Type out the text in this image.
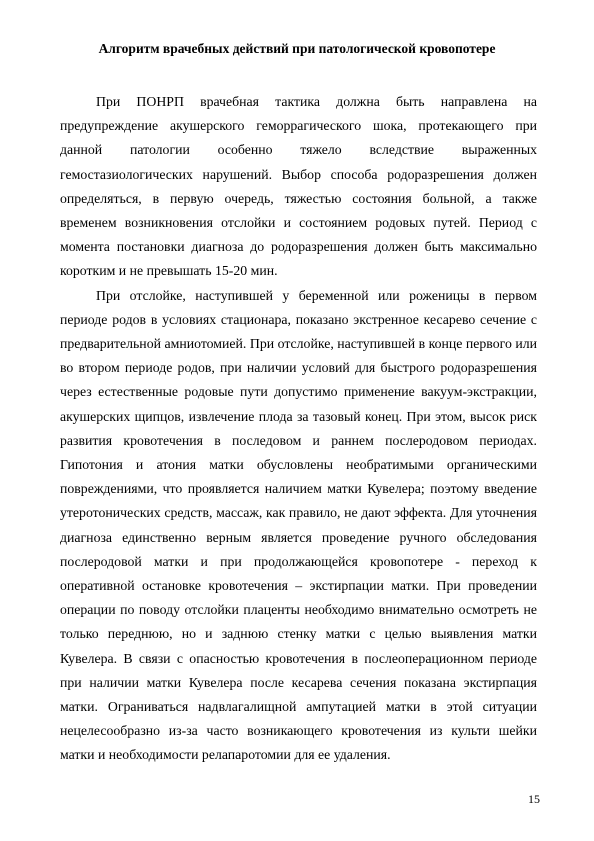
Алгоритм врачебных действий при патологической кровопотере

При ПОНРП врачебная тактика должна быть направлена на предупреждение акушерского геморрагического шока, протекающего при данной патологии особенно тяжело вследствие выраженных гемостазиологических нарушений. Выбор способа родоразрешения должен определяться, в первую очередь, тяжестью состояния больной, а также временем возникновения отслойки и состоянием родовых путей. Период с момента постановки диагноза до родоразрешения должен быть максимально коротким и не превышать 15-20 мин.

При отслойке, наступившей у беременной или роженицы в первом периоде родов в условиях стационара, показано экстренное кесарево сечение с предварительной амниотомией. При отслойке, наступившей в конце первого или во втором периоде родов, при наличии условий для быстрого родоразрешения через естественные родовые пути допустимо применение вакуум-экстракции, акушерских щипцов, извлечение плода за тазовый конец. При этом, высок риск развития кровотечения в последовом и раннем послеродовом периодах. Гипотония и атония матки обусловлены необратимыми органическими повреждениями, что проявляется наличием матки Кувелера; поэтому введение утеротонических средств, массаж, как правило, не дают эффекта. Для уточнения диагноза единственно верным является проведение ручного обследования послеродовой матки и при продолжающейся кровопотере - переход к оперативной остановке кровотечения – экстирпации матки. При проведении операции по поводу отслойки плаценты необходимо внимательно осмотреть не только переднюю, но и заднюю стенку матки с целью выявления матки Кувелера. В связи с опасностью кровотечения в послеоперационном периоде при наличии матки Кувелера после кесарева сечения показана экстирпация матки. Ограниваться надвлагалищной ампутацией матки в этой ситуации нецелесообразно из-за часто возникающего кровотечения из культи шейки матки и необходимости релапаротомии для ее удаления.

15
